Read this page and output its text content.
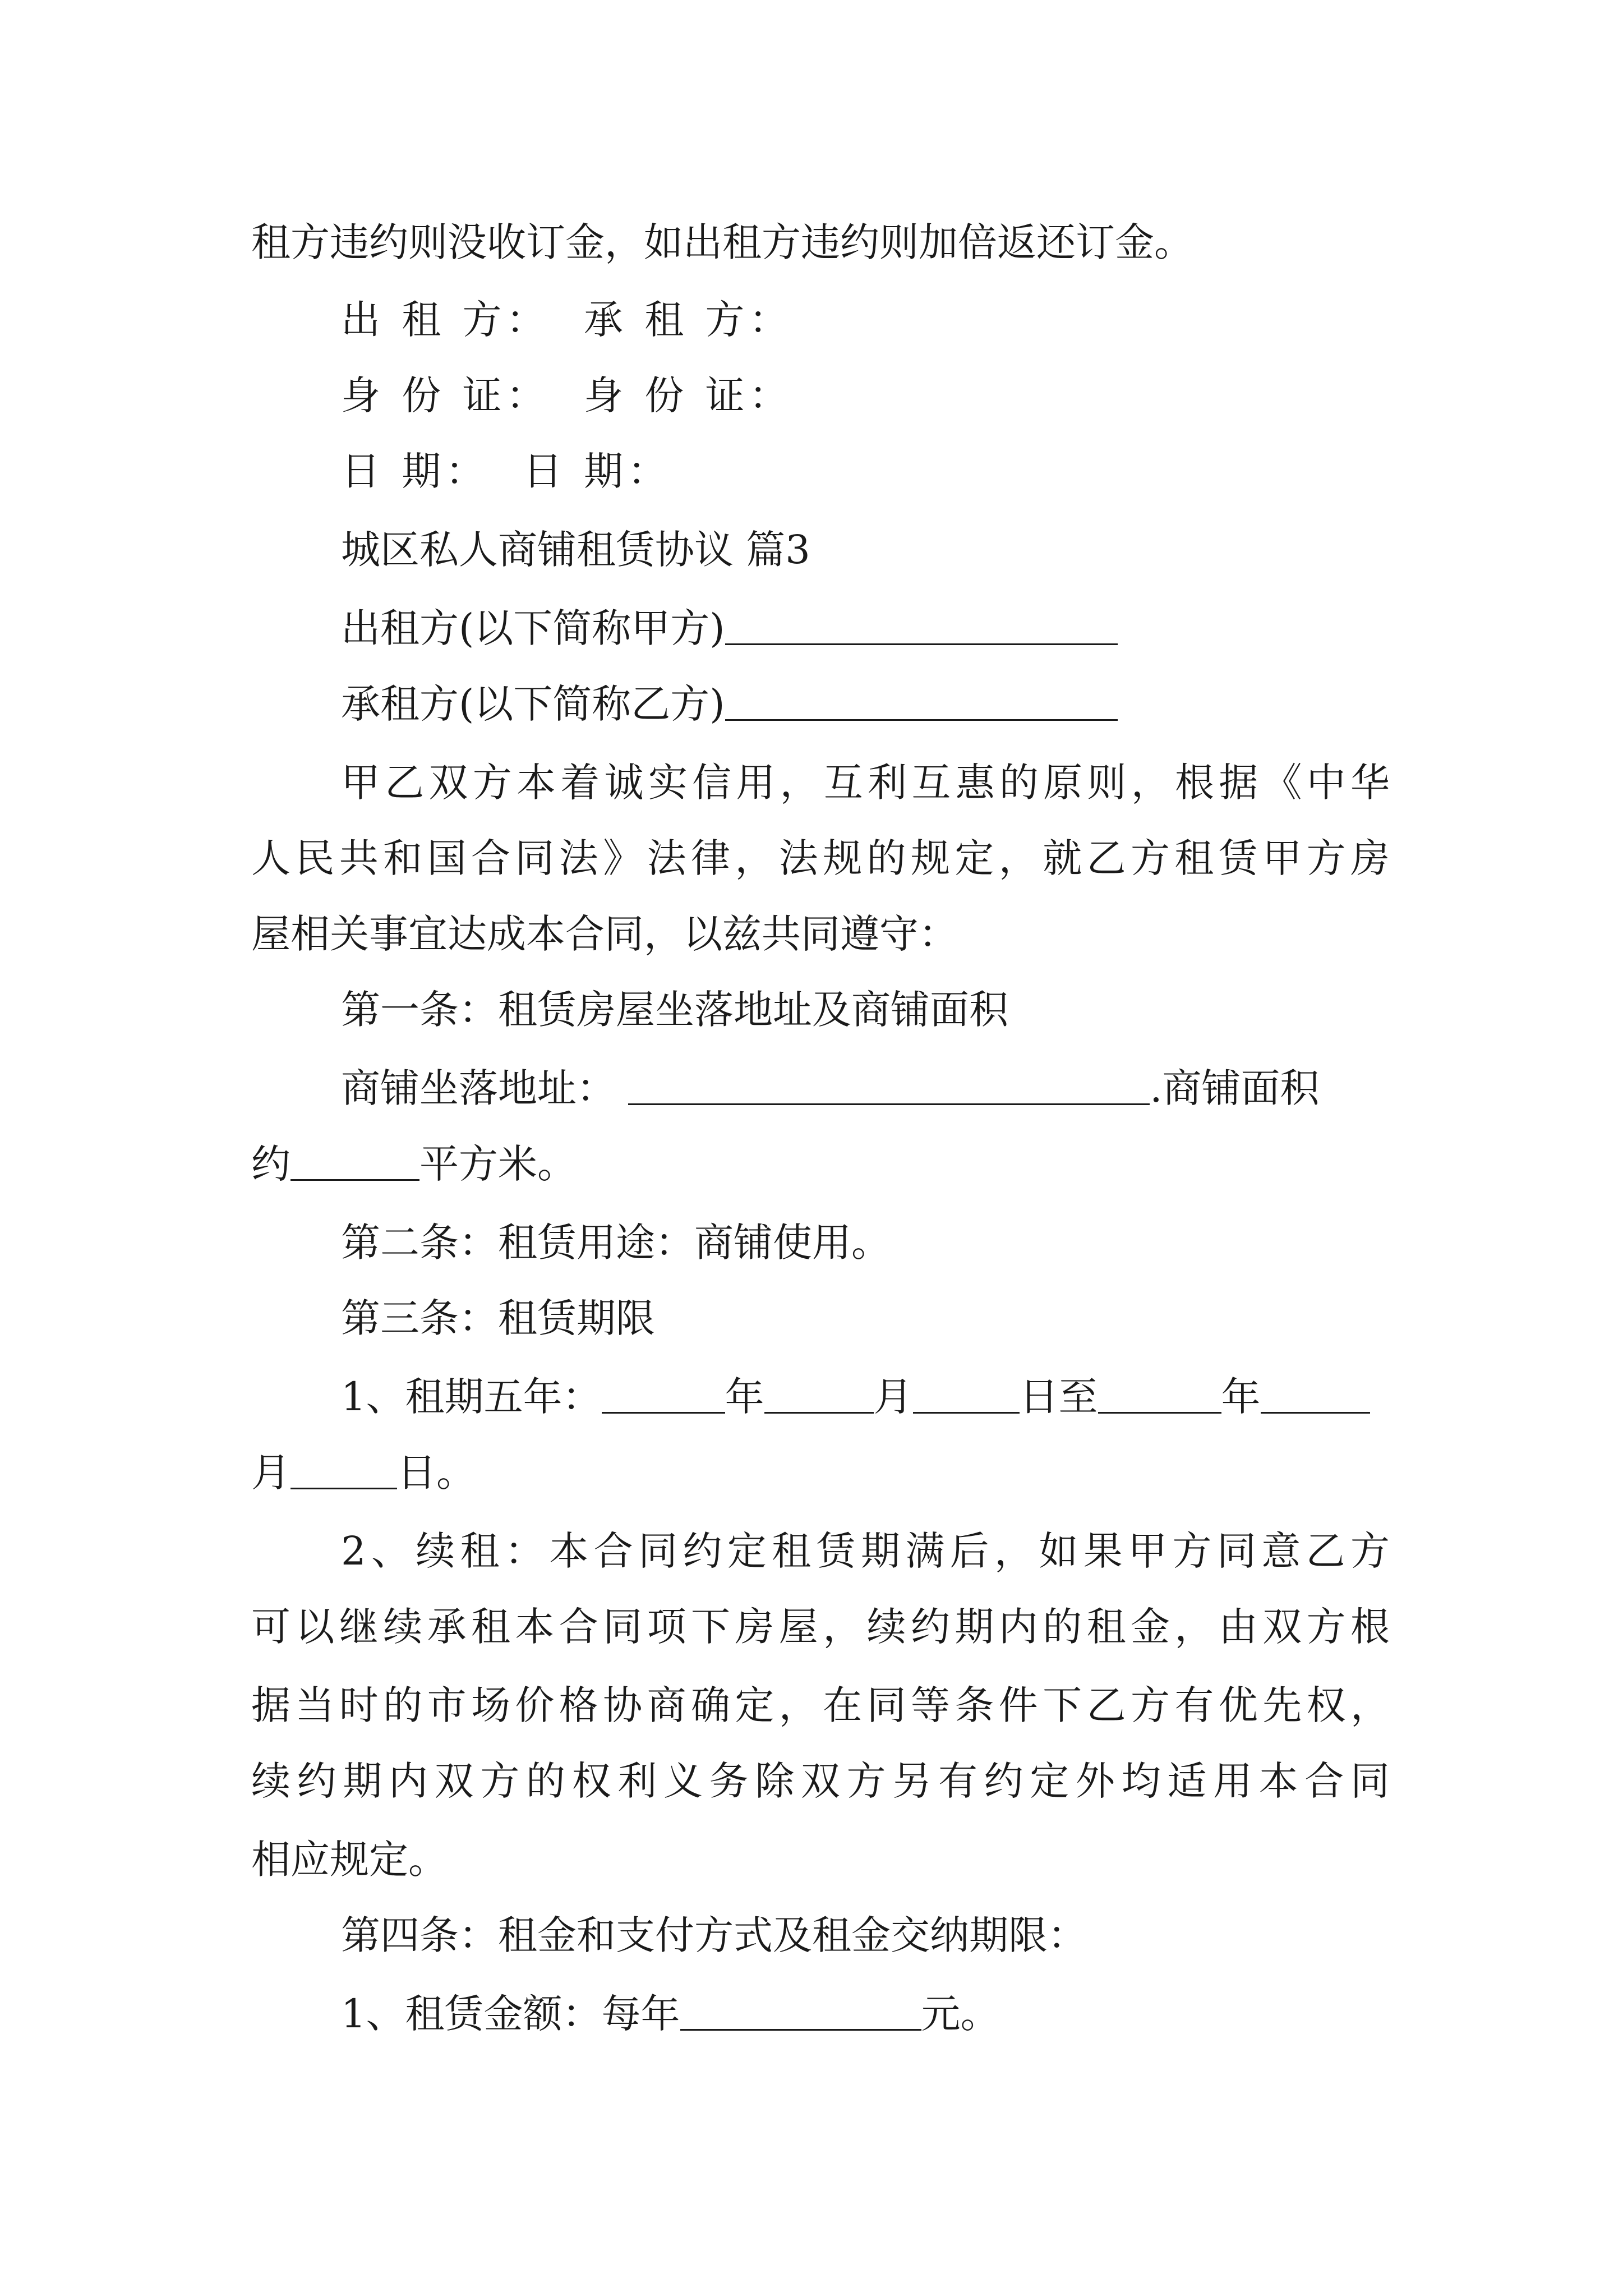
租方违约则没收订金，如出租方违约则加倍返还订金。
出 租 方： 承 租 方：
身 份 证： 身 份 证：
日 期： 日 期：
城区私人商铺租赁协议 篇3
出租方(以下简称甲方)
承租方(以下简称乙方)
甲乙双方本着诚实信用，互利互惠的原则，根据《中华
人民共和国合同法》法律，法规的规定，就乙方租赁甲方房
屋相关事宜达成本合同，以兹共同遵守：
第一条：租赁房屋坐落地址及商铺面积
商铺坐落地址：	.商铺面积
约	平方米。
第二条：租赁用途：商铺使用。
第三条：租赁期限
1、租期五年：	年	月	日至	年
月	日。
2、续租：本合同约定租赁期满后，如果甲方同意乙方
可以继续承租本合同项下房屋，续约期内的租金，由双方根
据当时的市场价格协商确定，在同等条件下乙方有优先权，
续约期内双方的权利义务除双方另有约定外均适用本合同
相应规定。
第四条：租金和支付方式及租金交纳期限：
1、租赁金额：每年	元。
